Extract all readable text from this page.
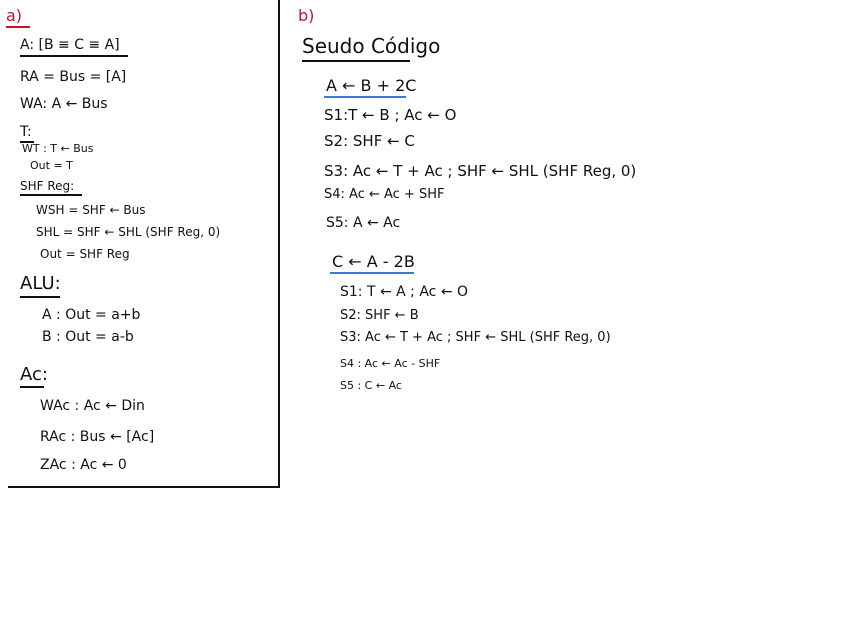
a)
A: [B ≡ C ≡ A]
RA = Bus = [A]
WA: A ← Bus
T:
WT : T ← Bus
Out = T
SHF Reg:
WSH = SHF ← Bus
SHL = SHF ← SHL (SHF Reg, 0)
Out = SHF Reg
ALU:
A : Out = a+b
B : Out = a-b
Ac:
WAc : Ac ← Din
RAc : Bus ← [Ac]
ZAc : Ac ← 0
b)
Seudo Código
A ← B + 2C
S1:T ← B ; Ac ← O
S2: SHF ← C
S3: Ac ← T + Ac ; SHF ← SHL (SHF Reg, 0)
S4: Ac ← Ac + SHF
S5: A ← Ac
C ← A - 2B
S1: T ← A ; Ac ← O
S2: SHF ← B
S3: Ac ← T + Ac ; SHF ← SHL (SHF Reg, 0)
S4 : Ac ← Ac - SHF
S5 : C ← Ac
